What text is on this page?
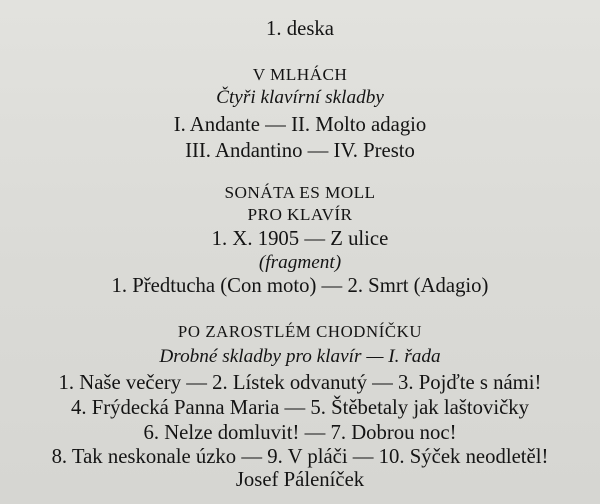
1. deska
V MLHÁCH
Čtyři klavírní skladby
I. Andante — II. Molto adagio
III. Andantino — IV. Presto
SONÁTA ES MOLL
PRO KLAVÍR
1. X. 1905 — Z ulice
(fragment)
1. Předtucha (Con moto) — 2. Smrt (Adagio)
PO ZAROSTLÉM CHODNÍČKU
Drobné skladby pro klavír — I. řada
1. Naše večery — 2. Lístek odvanutý — 3. Pojďte s námi!
4. Frýdecká Panna Maria — 5. Štěbetaly jak laštovičky
6. Nelze domluvit! — 7. Dobrou noc!
8. Tak neskonale úzko — 9. V pláči — 10. Sýček neodletěl!
Josef Páleníček
